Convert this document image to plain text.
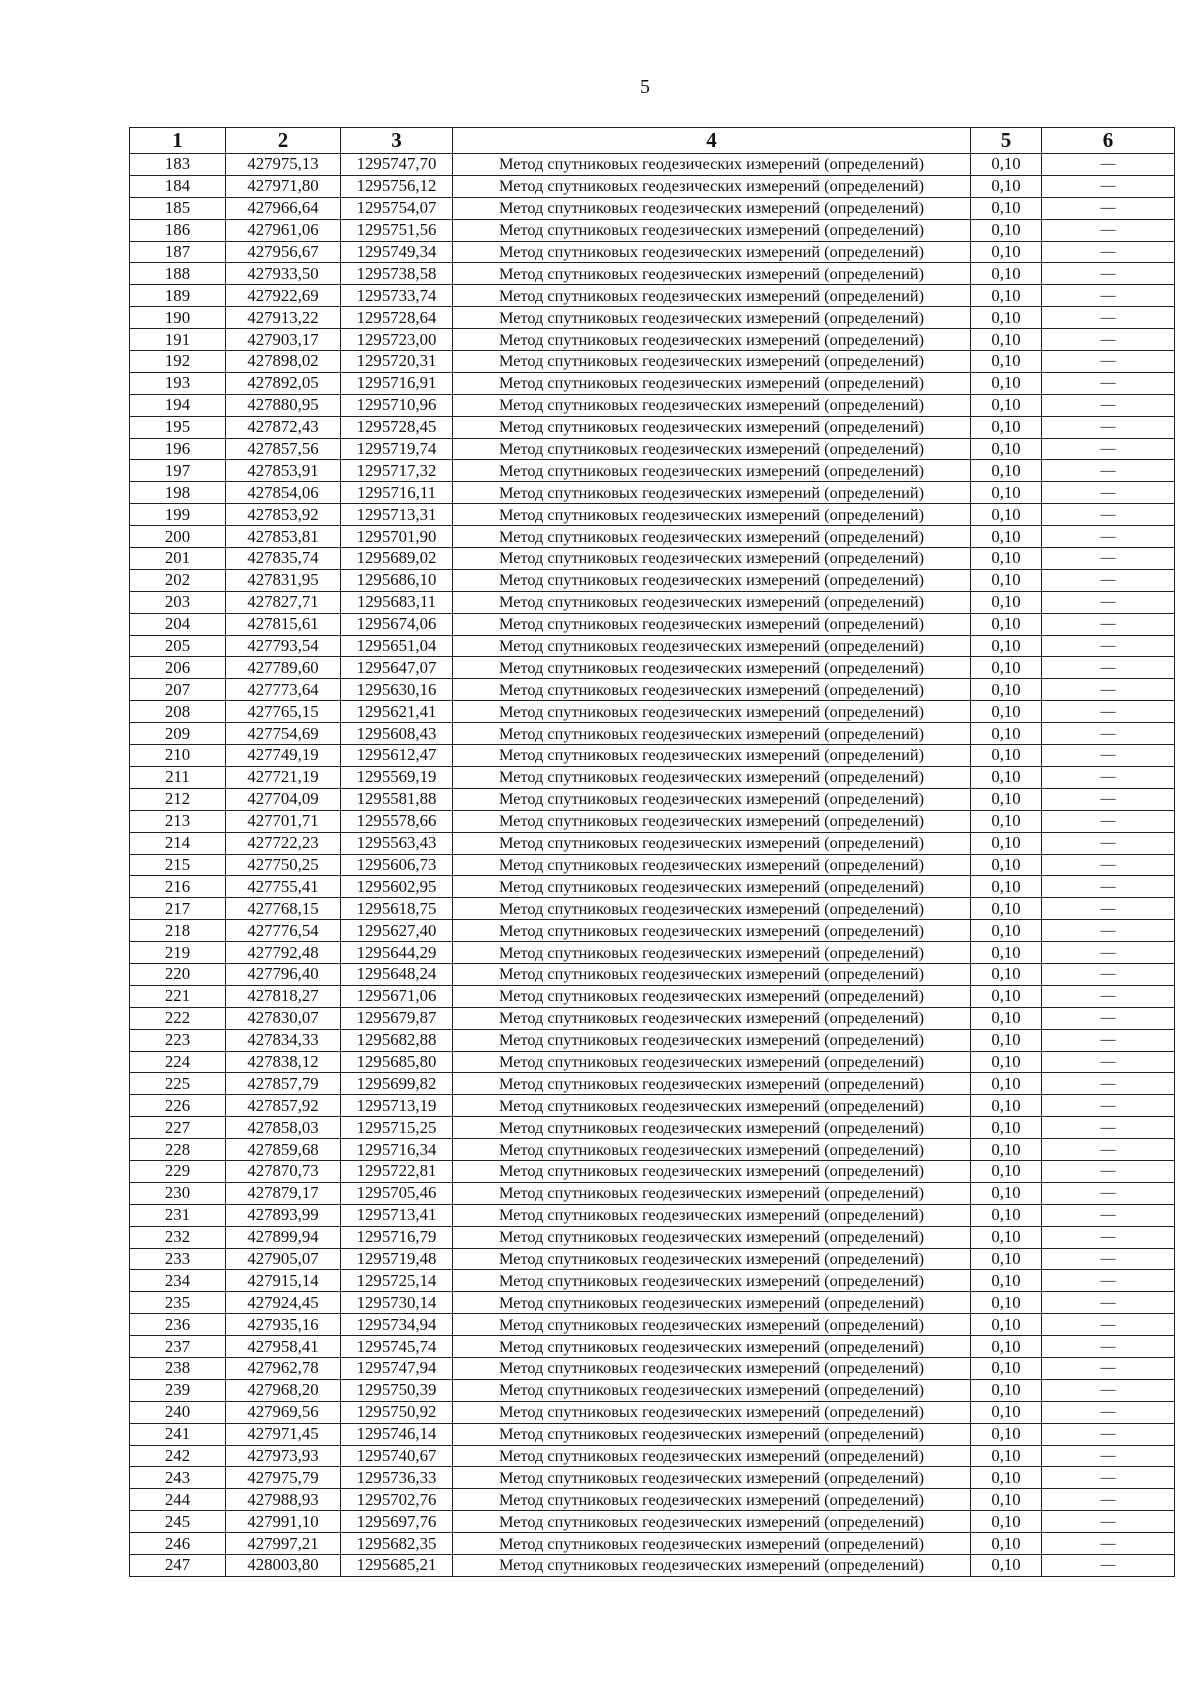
5
1	2	3	4	5	6
183	427975,13	1295747,70	Метод спутниковых геодезических измерений (определений)	0,10	—
184	427971,80	1295756,12	Метод спутниковых геодезических измерений (определений)	0,10	—
185	427966,64	1295754,07	Метод спутниковых геодезических измерений (определений)	0,10	—
186	427961,06	1295751,56	Метод спутниковых геодезических измерений (определений)	0,10	—
187	427956,67	1295749,34	Метод спутниковых геодезических измерений (определений)	0,10	—
188	427933,50	1295738,58	Метод спутниковых геодезических измерений (определений)	0,10	—
189	427922,69	1295733,74	Метод спутниковых геодезических измерений (определений)	0,10	—
190	427913,22	1295728,64	Метод спутниковых геодезических измерений (определений)	0,10	—
191	427903,17	1295723,00	Метод спутниковых геодезических измерений (определений)	0,10	—
192	427898,02	1295720,31	Метод спутниковых геодезических измерений (определений)	0,10	—
193	427892,05	1295716,91	Метод спутниковых геодезических измерений (определений)	0,10	—
194	427880,95	1295710,96	Метод спутниковых геодезических измерений (определений)	0,10	—
195	427872,43	1295728,45	Метод спутниковых геодезических измерений (определений)	0,10	—
196	427857,56	1295719,74	Метод спутниковых геодезических измерений (определений)	0,10	—
197	427853,91	1295717,32	Метод спутниковых геодезических измерений (определений)	0,10	—
198	427854,06	1295716,11	Метод спутниковых геодезических измерений (определений)	0,10	—
199	427853,92	1295713,31	Метод спутниковых геодезических измерений (определений)	0,10	—
200	427853,81	1295701,90	Метод спутниковых геодезических измерений (определений)	0,10	—
201	427835,74	1295689,02	Метод спутниковых геодезических измерений (определений)	0,10	—
202	427831,95	1295686,10	Метод спутниковых геодезических измерений (определений)	0,10	—
203	427827,71	1295683,11	Метод спутниковых геодезических измерений (определений)	0,10	—
204	427815,61	1295674,06	Метод спутниковых геодезических измерений (определений)	0,10	—
205	427793,54	1295651,04	Метод спутниковых геодезических измерений (определений)	0,10	—
206	427789,60	1295647,07	Метод спутниковых геодезических измерений (определений)	0,10	—
207	427773,64	1295630,16	Метод спутниковых геодезических измерений (определений)	0,10	—
208	427765,15	1295621,41	Метод спутниковых геодезических измерений (определений)	0,10	—
209	427754,69	1295608,43	Метод спутниковых геодезических измерений (определений)	0,10	—
210	427749,19	1295612,47	Метод спутниковых геодезических измерений (определений)	0,10	—
211	427721,19	1295569,19	Метод спутниковых геодезических измерений (определений)	0,10	—
212	427704,09	1295581,88	Метод спутниковых геодезических измерений (определений)	0,10	—
213	427701,71	1295578,66	Метод спутниковых геодезических измерений (определений)	0,10	—
214	427722,23	1295563,43	Метод спутниковых геодезических измерений (определений)	0,10	—
215	427750,25	1295606,73	Метод спутниковых геодезических измерений (определений)	0,10	—
216	427755,41	1295602,95	Метод спутниковых геодезических измерений (определений)	0,10	—
217	427768,15	1295618,75	Метод спутниковых геодезических измерений (определений)	0,10	—
218	427776,54	1295627,40	Метод спутниковых геодезических измерений (определений)	0,10	—
219	427792,48	1295644,29	Метод спутниковых геодезических измерений (определений)	0,10	—
220	427796,40	1295648,24	Метод спутниковых геодезических измерений (определений)	0,10	—
221	427818,27	1295671,06	Метод спутниковых геодезических измерений (определений)	0,10	—
222	427830,07	1295679,87	Метод спутниковых геодезических измерений (определений)	0,10	—
223	427834,33	1295682,88	Метод спутниковых геодезических измерений (определений)	0,10	—
224	427838,12	1295685,80	Метод спутниковых геодезических измерений (определений)	0,10	—
225	427857,79	1295699,82	Метод спутниковых геодезических измерений (определений)	0,10	—
226	427857,92	1295713,19	Метод спутниковых геодезических измерений (определений)	0,10	—
227	427858,03	1295715,25	Метод спутниковых геодезических измерений (определений)	0,10	—
228	427859,68	1295716,34	Метод спутниковых геодезических измерений (определений)	0,10	—
229	427870,73	1295722,81	Метод спутниковых геодезических измерений (определений)	0,10	—
230	427879,17	1295705,46	Метод спутниковых геодезических измерений (определений)	0,10	—
231	427893,99	1295713,41	Метод спутниковых геодезических измерений (определений)	0,10	—
232	427899,94	1295716,79	Метод спутниковых геодезических измерений (определений)	0,10	—
233	427905,07	1295719,48	Метод спутниковых геодезических измерений (определений)	0,10	—
234	427915,14	1295725,14	Метод спутниковых геодезических измерений (определений)	0,10	—
235	427924,45	1295730,14	Метод спутниковых геодезических измерений (определений)	0,10	—
236	427935,16	1295734,94	Метод спутниковых геодезических измерений (определений)	0,10	—
237	427958,41	1295745,74	Метод спутниковых геодезических измерений (определений)	0,10	—
238	427962,78	1295747,94	Метод спутниковых геодезических измерений (определений)	0,10	—
239	427968,20	1295750,39	Метод спутниковых геодезических измерений (определений)	0,10	—
240	427969,56	1295750,92	Метод спутниковых геодезических измерений (определений)	0,10	—
241	427971,45	1295746,14	Метод спутниковых геодезических измерений (определений)	0,10	—
242	427973,93	1295740,67	Метод спутниковых геодезических измерений (определений)	0,10	—
243	427975,79	1295736,33	Метод спутниковых геодезических измерений (определений)	0,10	—
244	427988,93	1295702,76	Метод спутниковых геодезических измерений (определений)	0,10	—
245	427991,10	1295697,76	Метод спутниковых геодезических измерений (определений)	0,10	—
246	427997,21	1295682,35	Метод спутниковых геодезических измерений (определений)	0,10	—
247	428003,80	1295685,21	Метод спутниковых геодезических измерений (определений)	0,10	—
